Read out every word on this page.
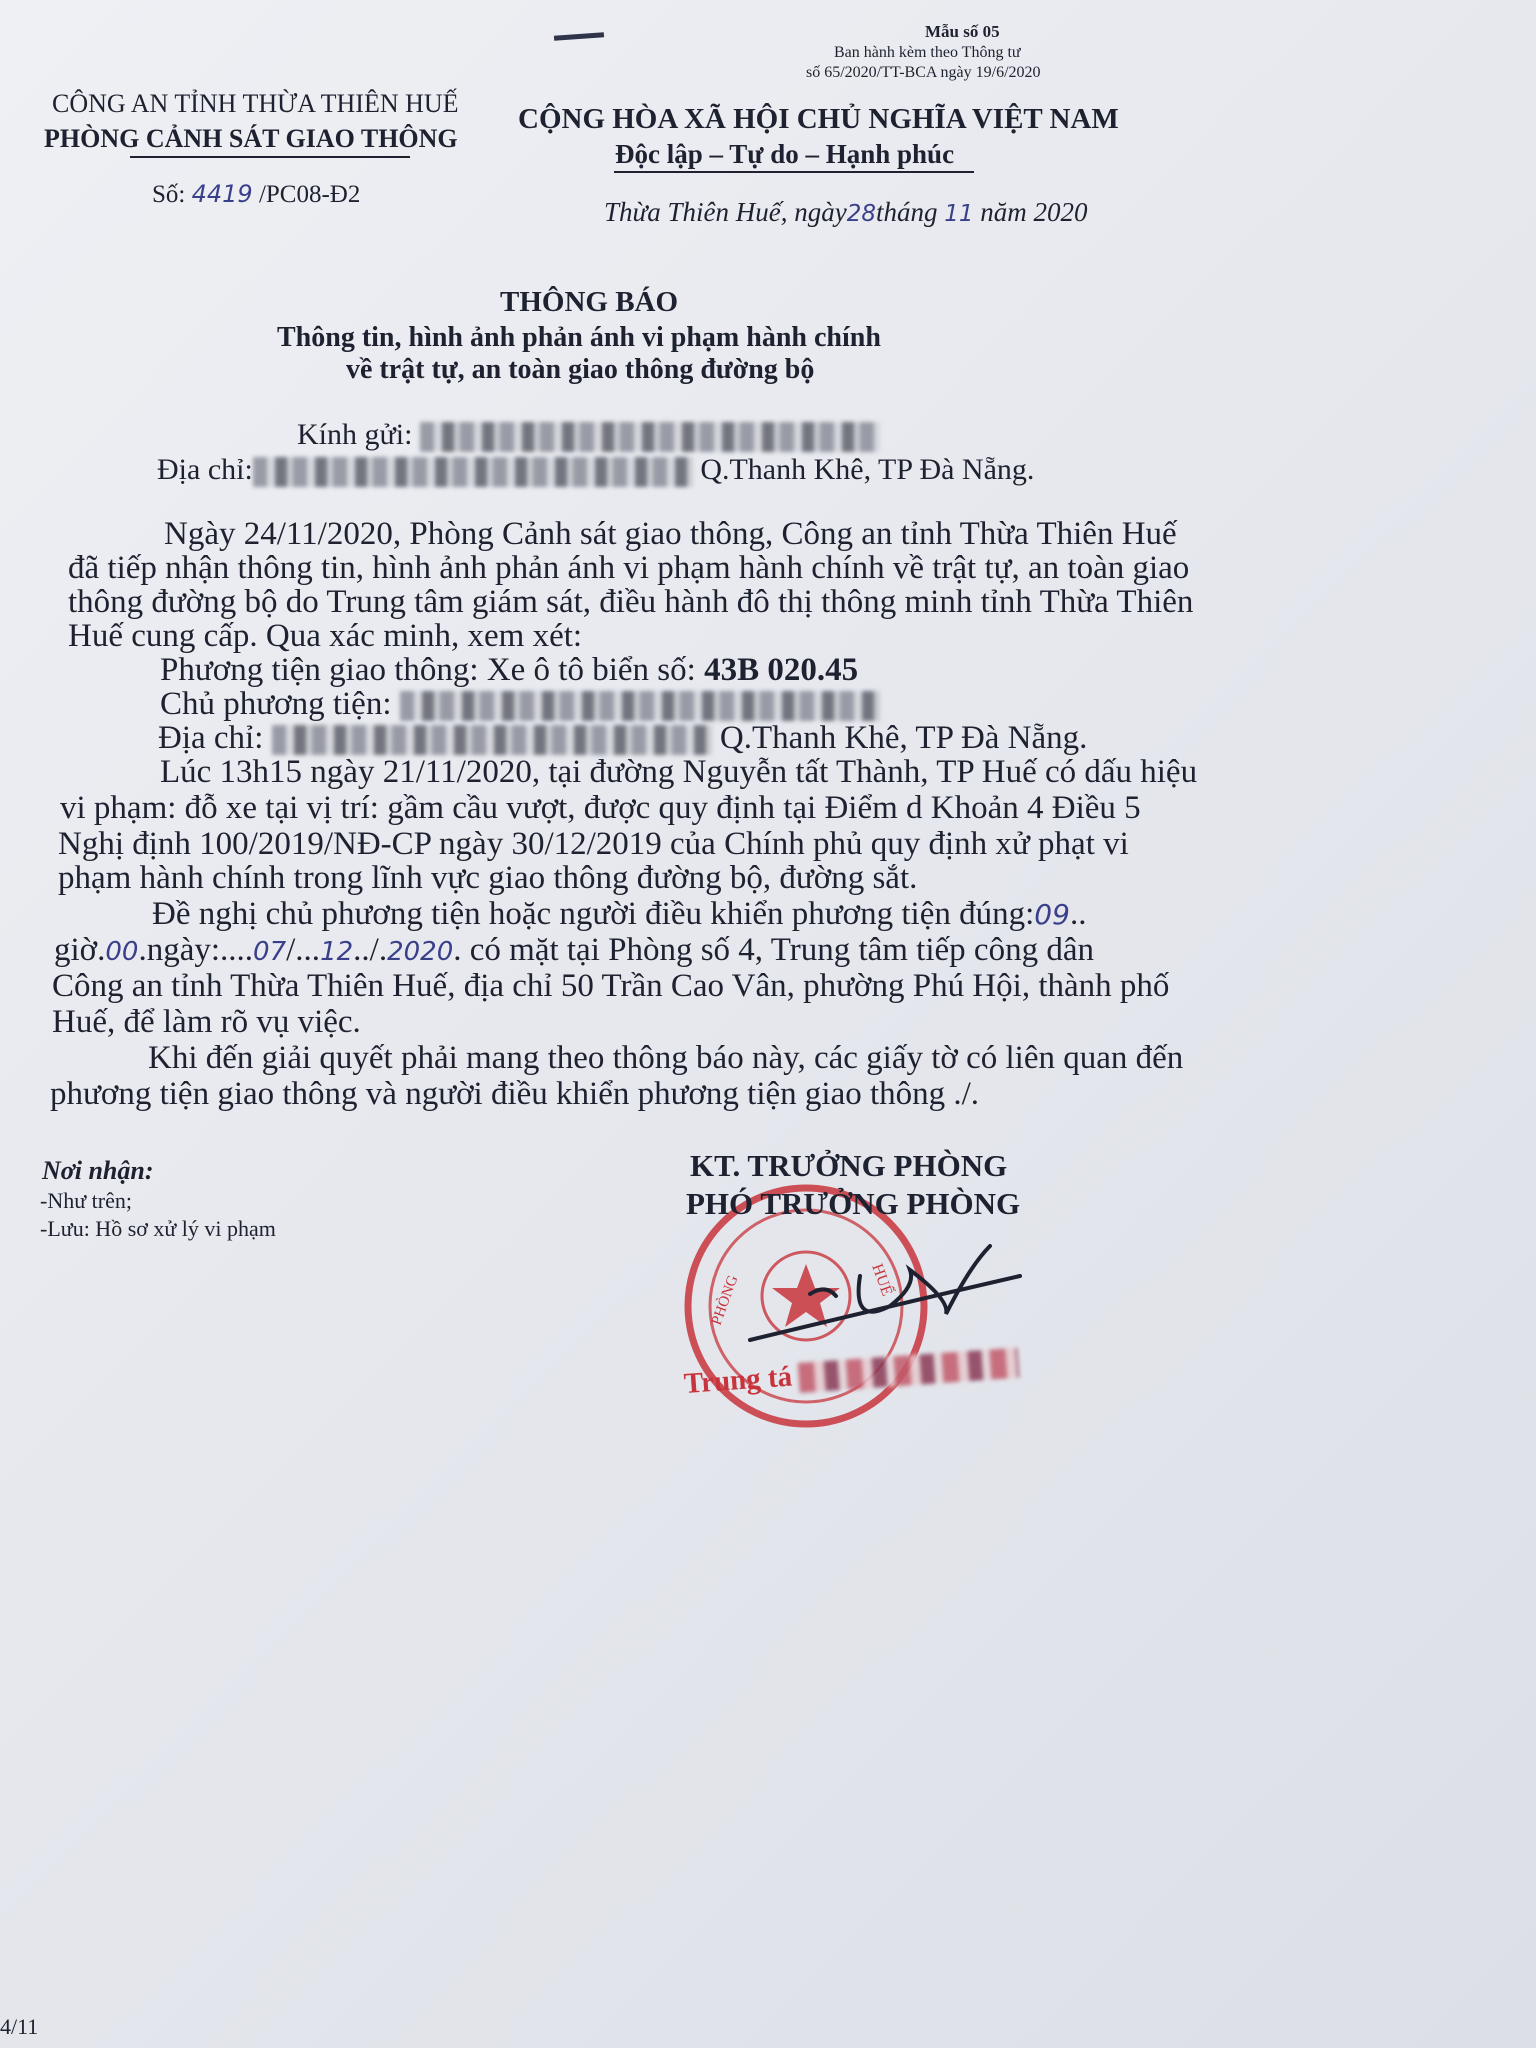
Mẫu số 05
Ban hành kèm theo Thông tư
số 65/2020/TT-BCA ngày 19/6/2020
CÔNG AN TỈNH THỪA THIÊN HUẾ
PHÒNG CẢNH SÁT GIAO THÔNG
Số: 4419 /PC08-Đ2
CỘNG HÒA XÃ HỘI CHỦ NGHĨA VIỆT NAM
Độc lập – Tự do – Hạnh phúc
Thừa Thiên Huế, ngày28tháng 11 năm 2020
THÔNG BÁO
Thông tin, hình ảnh phản ánh vi phạm hành chính
về trật tự, an toàn giao thông đường bộ
Kính gửi:
Địa chỉ:	Q.Thanh Khê, TP Đà Nẵng.
Ngày 24/11/2020, Phòng Cảnh sát giao thông, Công an tỉnh Thừa Thiên Huế
đã tiếp nhận thông tin, hình ảnh phản ánh vi phạm hành chính về trật tự, an toàn giao
thông đường bộ do Trung tâm giám sát, điều hành đô thị thông minh tỉnh Thừa Thiên
Huế cung cấp. Qua xác minh, xem xét:
Phương tiện giao thông: Xe ô tô biển số: 43B 020.45
Chủ phương tiện:
Địa chỉ:	Q.Thanh Khê, TP Đà Nẵng.
Lúc 13h15 ngày 21/11/2020, tại đường Nguyễn tất Thành, TP Huế có dấu hiệu
vi phạm: đỗ xe tại vị trí: gầm cầu vượt, được quy định tại Điểm d Khoản 4 Điều 5
Nghị định 100/2019/NĐ-CP ngày 30/12/2019 của Chính phủ quy định xử phạt vi
phạm hành chính trong lĩnh vực giao thông đường bộ, đường sắt.
Đề nghị chủ phương tiện hoặc người điều khiển phương tiện đúng:09..
giờ.00.ngày:....07/...12../.2020. có mặt tại Phòng số 4, Trung tâm tiếp công dân
Công an tỉnh Thừa Thiên Huế, địa chỉ 50 Trần Cao Vân, phường Phú Hội, thành phố
Huế, để làm rõ vụ việc.
Khi đến giải quyết phải mang theo thông báo này, các giấy tờ có liên quan đến
phương tiện giao thông và người điều khiển phương tiện giao thông ./.
Nơi nhận:
-Như trên;
-Lưu: Hồ sơ xử lý vi phạm
HUẾ
PHÒNG
KT. TRƯỞNG PHÒNG
PHÓ TRƯỞNG PHÒNG
Trung tá
4/11
